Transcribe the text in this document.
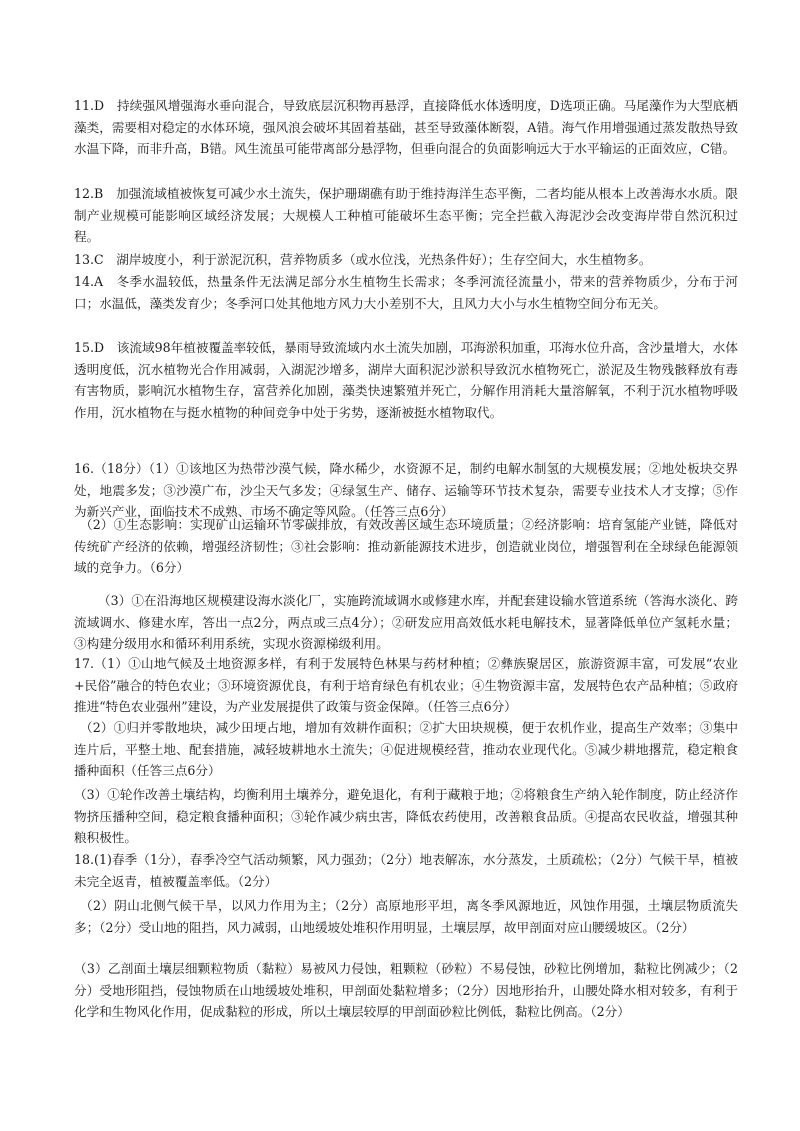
11.D　持续强风增强海水垂向混合，导致底层沉积物再悬浮，直接降低水体透明度，D选项正确。马尾藻作为大型底栖藻类，需要相对稳定的水体环境，强风浪会破坏其固着基础，甚至导致藻体断裂，A错。海气作用增强通过蒸发散热导致水温下降，而非升高，B错。风生流虽可能带离部分悬浮物，但垂向混合的负面影响远大于水平输运的正面效应，C错。

12.B　加强流域植被恢复可减少水土流失，保护珊瑚礁有助于维持海洋生态平衡，二者均能从根本上改善海水水质。限制产业规模可能影响区域经济发展；大规模人工种植可能破坏生态平衡；完全拦截入海泥沙会改变海岸带自然沉积过程。

13.C　湖岸坡度小，利于淤泥沉积，营养物质多（或水位浅，光热条件好）；生存空间大，水生植物多。

14.A　冬季水温较低，热量条件无法满足部分水生植物生长需求；冬季河流径流量小，带来的营养物质少，分布于河口；水温低，藻类发育少；冬季河口处其他地方风力大小差别不大，且风力大小与水生植物空间分布无关。

15.D　该流域98年植被覆盖率较低，暴雨导致流域内水土流失加剧，邛海淤积加重，邛海水位升高，含沙量增大，水体透明度低，沉水植物光合作用减弱，入湖泥沙增多，湖岸大面积泥沙淤积导致沉水植物死亡，淤泥及生物残骸释放有毒有害物质，影响沉水植物生存，富营养化加剧，藻类快速繁殖并死亡，分解作用消耗大量溶解氧，不利于沉水植物呼吸作用，沉水植物在与挺水植物的种间竞争中处于劣势，逐渐被挺水植物取代。

16.（18分）（1）①该地区为热带沙漠气候，降水稀少，水资源不足，制约电解水制氢的大规模发展；②地处板块交界处，地震多发；③沙漠广布，沙尘天气多发；④绿氢生产、储存、运输等环节技术复杂，需要专业技术人才支撑；⑤作为新兴产业，面临技术不成熟、市场不确定等风险。（任答三点6分）

（2）①生态影响：实现矿山运输环节零碳排放，有效改善区域生态环境质量；②经济影响：培育氢能产业链，降低对传统矿产经济的依赖，增强经济韧性；③社会影响：推动新能源技术进步，创造就业岗位，增强智利在全球绿色能源领域的竞争力。（6分）

（3）①在沿海地区规模建设海水淡化厂，实施跨流域调水或修建水库，并配套建设输水管道系统（答海水淡化、跨流域调水、修建水库，答出一点2分，两点或三点4分）；②研发应用高效低水耗电解技术，显著降低单位产氢耗水量；③构建分级用水和循环利用系统，实现水资源梯级利用。

17.（1）①山地气候及土地资源多样，有利于发展特色林果与药材种植；②彝族聚居区，旅游资源丰富，可发展“农业+民俗”融合的特色农业；③环境资源优良，有利于培育绿色有机农业；④生物资源丰富，发展特色农产品种植；⑤政府推进“特色农业强州”建设，为产业发展提供了政策与资金保障。（任答三点6分）

（2）①归并零散地块，减少田埂占地，增加有效耕作面积；②扩大田块规模，便于农机作业，提高生产效率；③集中连片后，平整土地、配套措施，减轻坡耕地水土流失；④促进规模经营，推动农业现代化。⑤减少耕地撂荒，稳定粮食播种面积（任答三点6分）

（3）①轮作改善土壤结构，均衡利用土壤养分，避免退化，有利于藏粮于地；②将粮食生产纳入轮作制度，防止经济作物挤压播种空间，稳定粮食播种面积；③轮作减少病虫害，降低农药使用，改善粮食品质。④提高农民收益，增强其种粮积极性。

18.(1)春季（1分），春季冷空气活动频繁，风力强劲；（2分）地表解冻，水分蒸发，土质疏松；（2分）气候干旱，植被未完全返青，植被覆盖率低。（2分）

（2）阴山北侧气候干旱，以风力作用为主；（2分）高原地形平坦，离冬季风源地近，风蚀作用强，土壤层物质流失多；（2分）受山地的阻挡，风力减弱，山地缓坡处堆积作用明显，土壤层厚，故甲剖面对应山腰缓坡区。（2分）

（3）乙剖面土壤层细颗粒物质（黏粒）易被风力侵蚀，粗颗粒（砂粒）不易侵蚀，砂粒比例增加，黏粒比例减少；（2分）受地形阻挡，侵蚀物质在山地缓坡处堆积，甲剖面处黏粒增多；（2分）因地形抬升，山腰处降水相对较多，有利于化学和生物风化作用，促成黏粒的形成，所以土壤层较厚的甲剖面砂粒比例低，黏粒比例高。（2分）
